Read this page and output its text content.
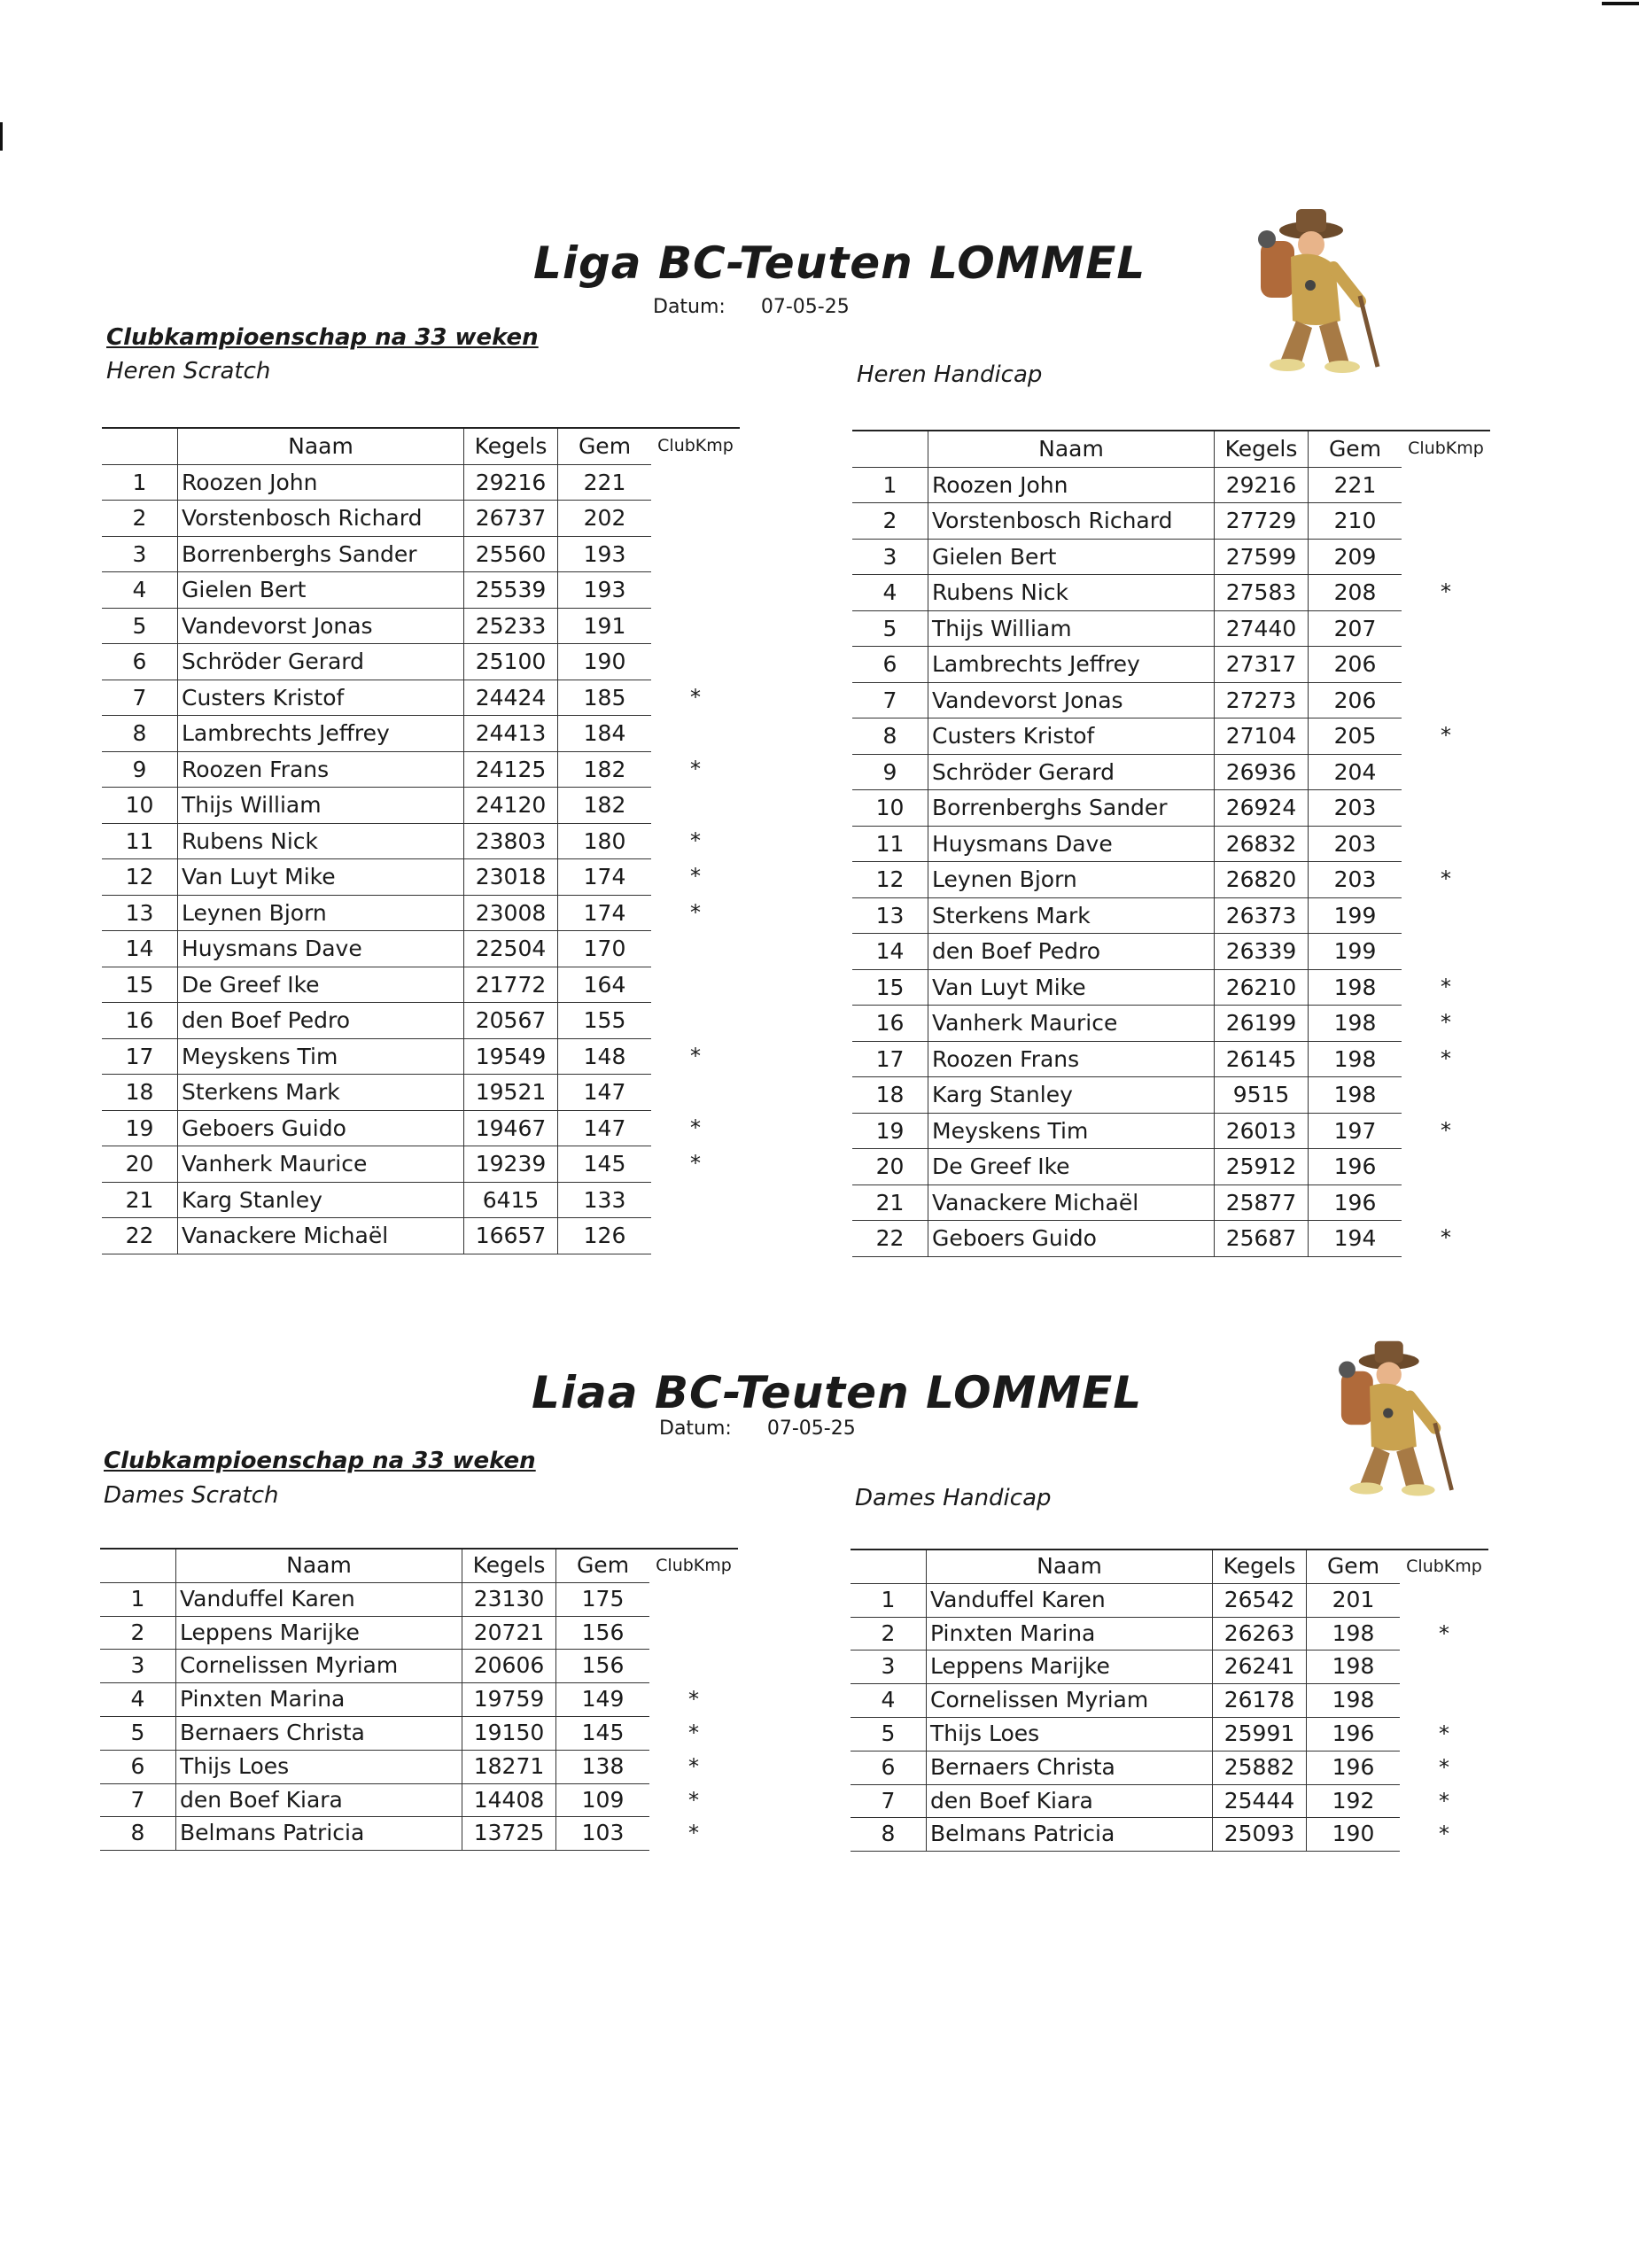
Liga BC-Teuten LOMMEL
Datum: 07-05-25
Clubkampioenschap na 33 weken
Heren Scratch	Heren Handicap
	Naam	Kegels	Gem	ClubKmp
1	Roozen John	29216	221	
2	Vorstenbosch Richard	26737	202	
3	Borrenberghs Sander	25560	193	
4	Gielen Bert	25539	193	
5	Vandevorst Jonas	25233	191	
6	Schröder Gerard	25100	190	
7	Custers Kristof	24424	185	*
8	Lambrechts Jeffrey	24413	184	
9	Roozen Frans	24125	182	*
10	Thijs William	24120	182	
11	Rubens Nick	23803	180	*
12	Van Luyt Mike	23018	174	*
13	Leynen Bjorn	23008	174	*
14	Huysmans Dave	22504	170	
15	De Greef Ike	21772	164	
16	den Boef Pedro	20567	155	
17	Meyskens Tim	19549	148	*
18	Sterkens Mark	19521	147	
19	Geboers Guido	19467	147	*
20	Vanherk Maurice	19239	145	*
21	Karg Stanley	6415	133	
22	Vanackere Michaël	16657	126	
	Naam	Kegels	Gem	ClubKmp
1	Roozen John	29216	221	
2	Vorstenbosch Richard	27729	210	
3	Gielen Bert	27599	209	
4	Rubens Nick	27583	208	*
5	Thijs William	27440	207	
6	Lambrechts Jeffrey	27317	206	
7	Vandevorst Jonas	27273	206	
8	Custers Kristof	27104	205	*
9	Schröder Gerard	26936	204	
10	Borrenberghs Sander	26924	203	
11	Huysmans Dave	26832	203	
12	Leynen Bjorn	26820	203	*
13	Sterkens Mark	26373	199	
14	den Boef Pedro	26339	199	
15	Van Luyt Mike	26210	198	*
16	Vanherk Maurice	26199	198	*
17	Roozen Frans	26145	198	*
18	Karg Stanley	9515	198	
19	Meyskens Tim	26013	197	*
20	De Greef Ike	25912	196	
21	Vanackere Michaël	25877	196	
22	Geboers Guido	25687	194	*
Liaa BC-Teuten LOMMEL
Datum: 07-05-25
Clubkampioenschap na 33 weken
Dames Scratch	Dames Handicap
	Naam	Kegels	Gem	ClubKmp
1	Vanduffel Karen	23130	175	
2	Leppens Marijke	20721	156	
3	Cornelissen Myriam	20606	156	
4	Pinxten Marina	19759	149	*
5	Bernaers Christa	19150	145	*
6	Thijs Loes	18271	138	*
7	den Boef Kiara	14408	109	*
8	Belmans Patricia	13725	103	*
	Naam	Kegels	Gem	ClubKmp
1	Vanduffel Karen	26542	201	
2	Pinxten Marina	26263	198	*
3	Leppens Marijke	26241	198	
4	Cornelissen Myriam	26178	198	
5	Thijs Loes	25991	196	*
6	Bernaers Christa	25882	196	*
7	den Boef Kiara	25444	192	*
8	Belmans Patricia	25093	190	*
